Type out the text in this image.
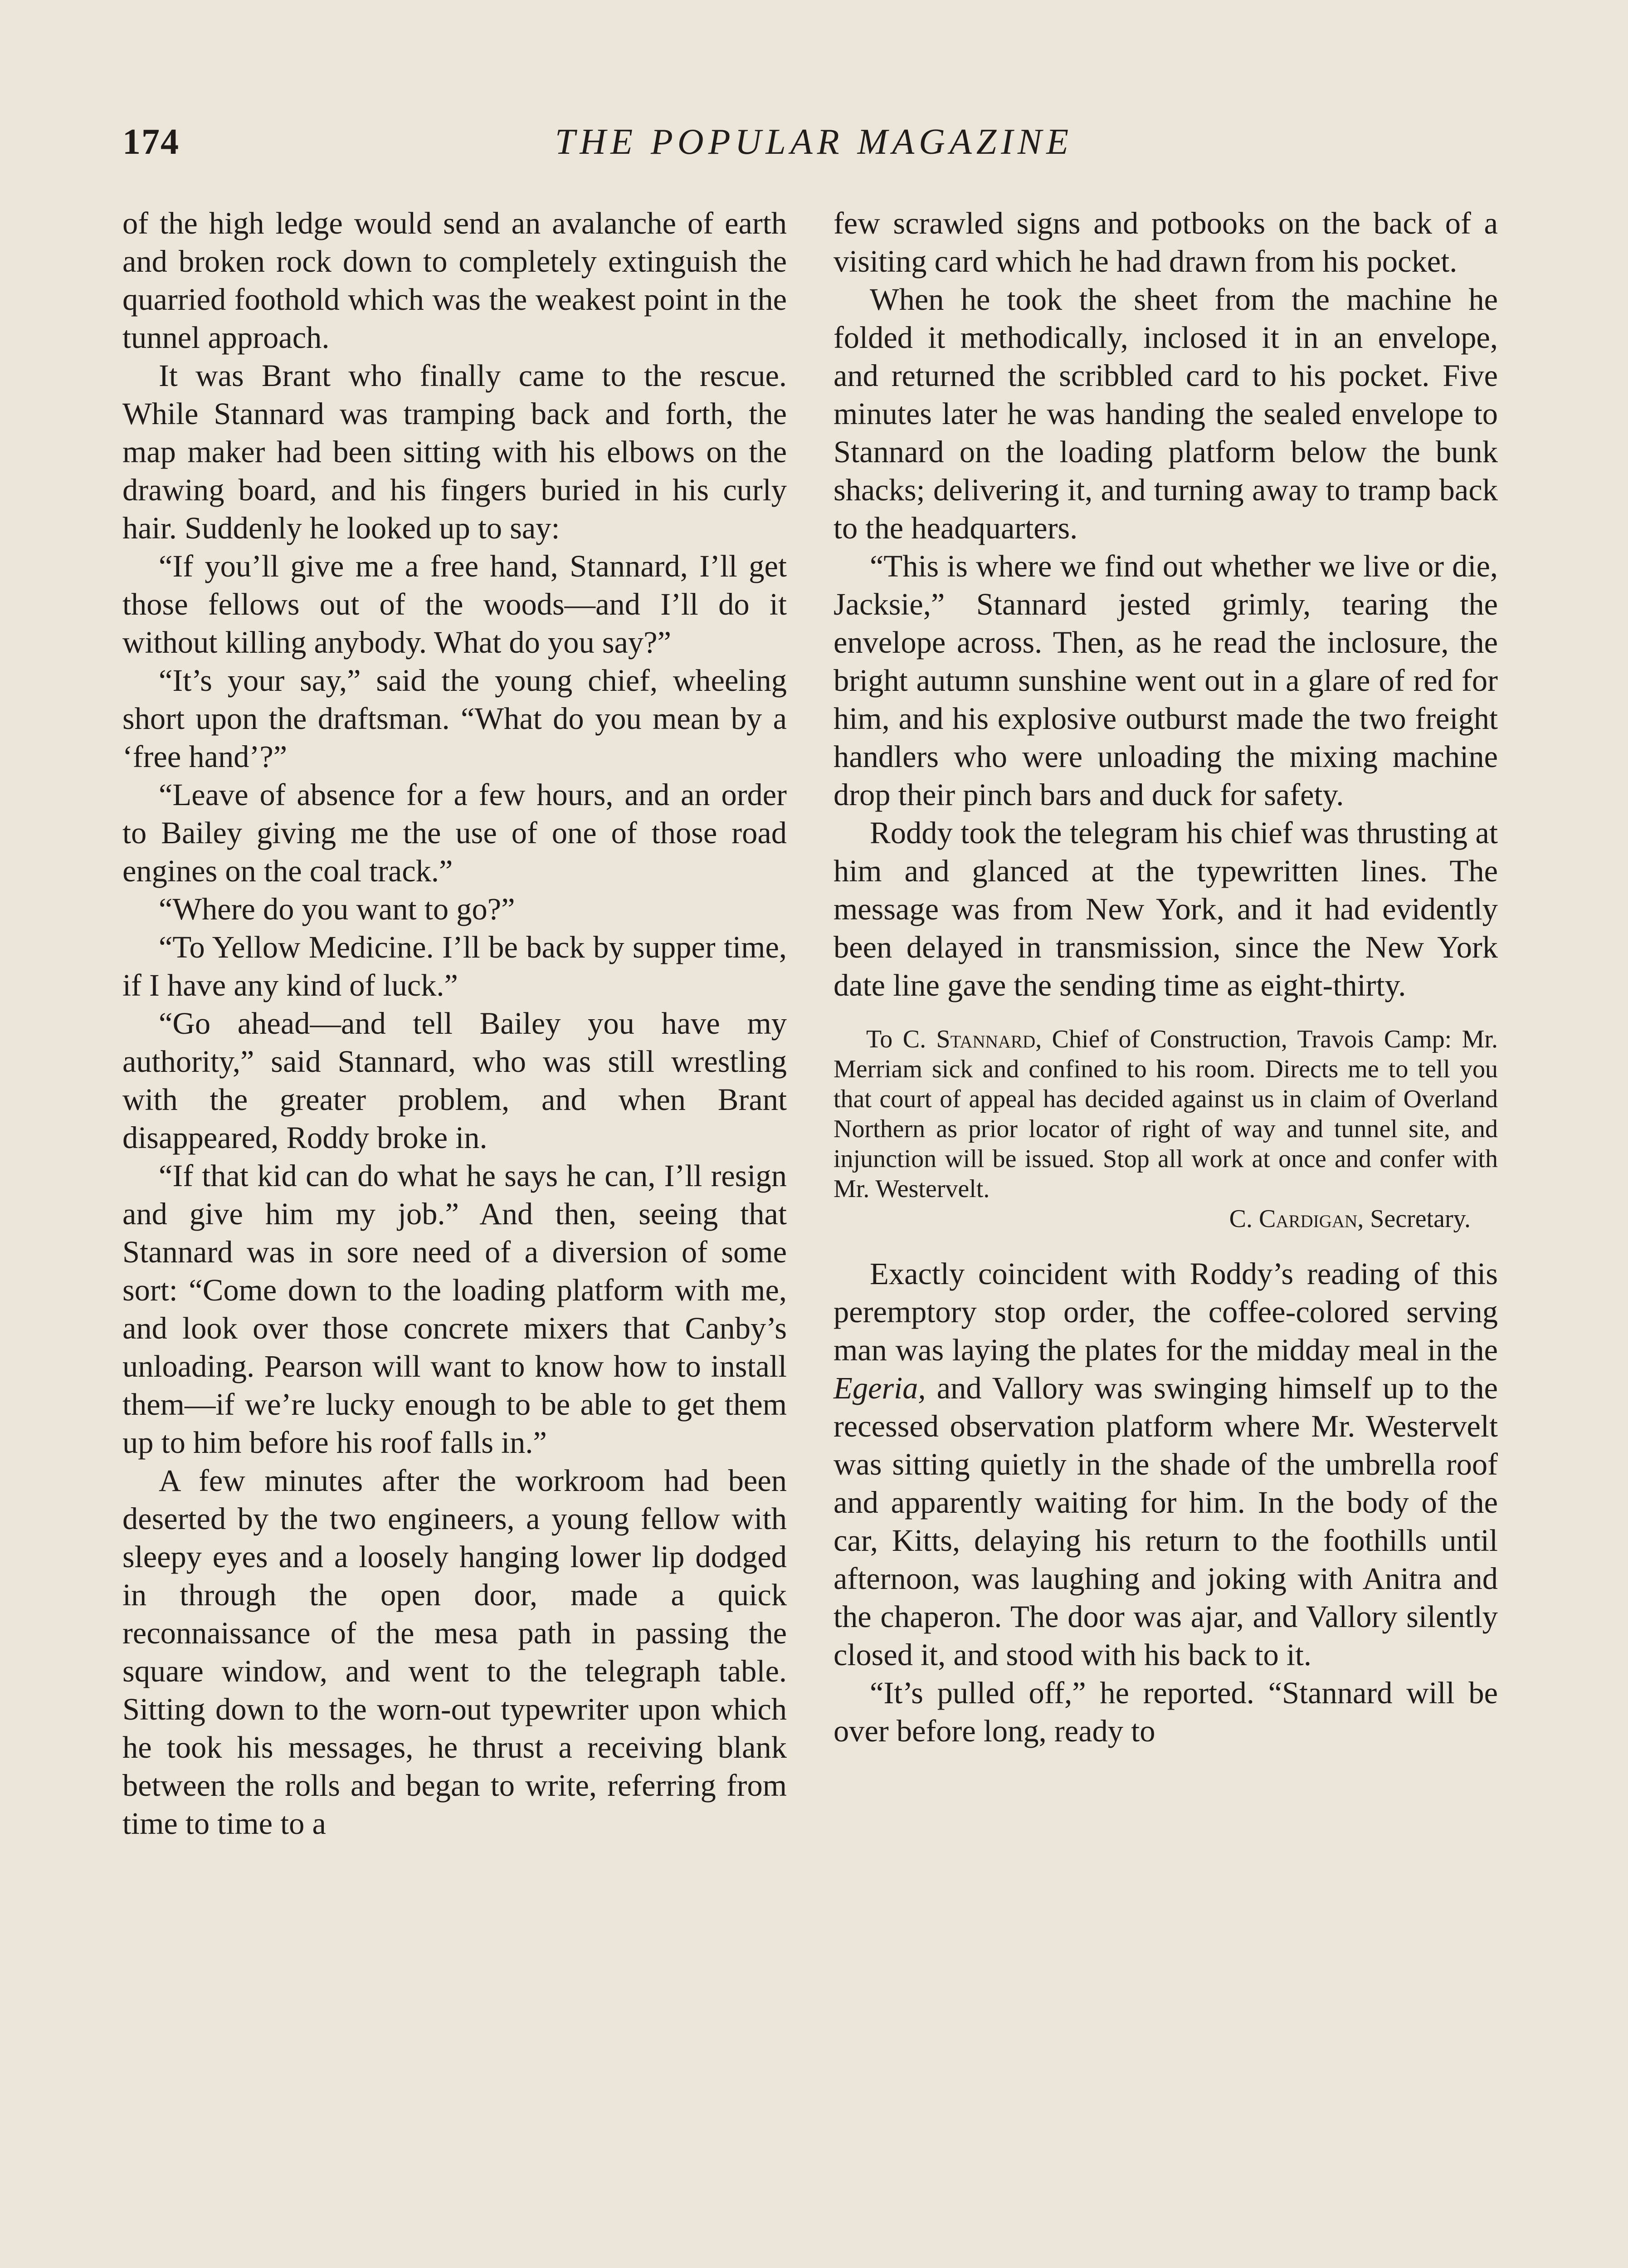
174	THE POPULAR MAGAZINE

of the high ledge would send an avalanche of earth and broken rock down to completely extinguish the quarried foothold which was the weakest point in the tunnel approach.

It was Brant who finally came to the rescue. While Stannard was tramping back and forth, the map maker had been sitting with his elbows on the drawing board, and his fingers buried in his curly hair. Suddenly he looked up to say:

“If you’ll give me a free hand, Stannard, I’ll get those fellows out of the woods—and I’ll do it without killing anybody. What do you say?”

“It’s your say,” said the young chief, wheeling short upon the draftsman. “What do you mean by a ‘free hand’?”

“Leave of absence for a few hours, and an order to Bailey giving me the use of one of those road engines on the coal track.”

“Where do you want to go?”

“To Yellow Medicine. I’ll be back by supper time, if I have any kind of luck.”

“Go ahead—and tell Bailey you have my authority,” said Stannard, who was still wrestling with the greater problem, and when Brant disappeared, Roddy broke in.

“If that kid can do what he says he can, I’ll resign and give him my job.” And then, seeing that Stannard was in sore need of a diversion of some sort: “Come down to the loading platform with me, and look over those concrete mixers that Canby’s unloading. Pearson will want to know how to install them—if we’re lucky enough to be able to get them up to him before his roof falls in.”

A few minutes after the workroom had been deserted by the two engineers, a young fellow with sleepy eyes and a loosely hanging lower lip dodged in through the open door, made a quick reconnaissance of the mesa path in passing the square window, and went to the telegraph table. Sitting down to the worn-out typewriter upon which he took his messages, he thrust a receiving blank between the rolls and began to write, referring from time to time to a

few scrawled signs and potbooks on the back of a visiting card which he had drawn from his pocket.

When he took the sheet from the machine he folded it methodically, inclosed it in an envelope, and returned the scribbled card to his pocket. Five minutes later he was handing the sealed envelope to Stannard on the loading platform below the bunk shacks; delivering it, and turning away to tramp back to the headquarters.

“This is where we find out whether we live or die, Jacksie,” Stannard jested grimly, tearing the envelope across. Then, as he read the inclosure, the bright autumn sunshine went out in a glare of red for him, and his explosive outburst made the two freight handlers who were unloading the mixing machine drop their pinch bars and duck for safety.

Roddy took the telegram his chief was thrusting at him and glanced at the typewritten lines. The message was from New York, and it had evidently been delayed in transmission, since the New York date line gave the sending time as eight-thirty.

To C. Stannard, Chief of Construction, Travois Camp: Mr. Merriam sick and confined to his room. Directs me to tell you that court of appeal has decided against us in claim of Overland Northern as prior locator of right of way and tunnel site, and injunction will be issued. Stop all work at once and confer with Mr. Westervelt.

C. Cardigan, Secretary.

Exactly coincident with Roddy’s reading of this peremptory stop order, the coffee-colored serving man was laying the plates for the midday meal in the Egeria, and Vallory was swinging himself up to the recessed observation platform where Mr. Westervelt was sitting quietly in the shade of the umbrella roof and apparently waiting for him. In the body of the car, Kitts, delaying his return to the foothills until afternoon, was laughing and joking with Anitra and the chaperon. The door was ajar, and Vallory silently closed it, and stood with his back to it.

“It’s pulled off,” he reported. “Stannard will be over before long, ready to
